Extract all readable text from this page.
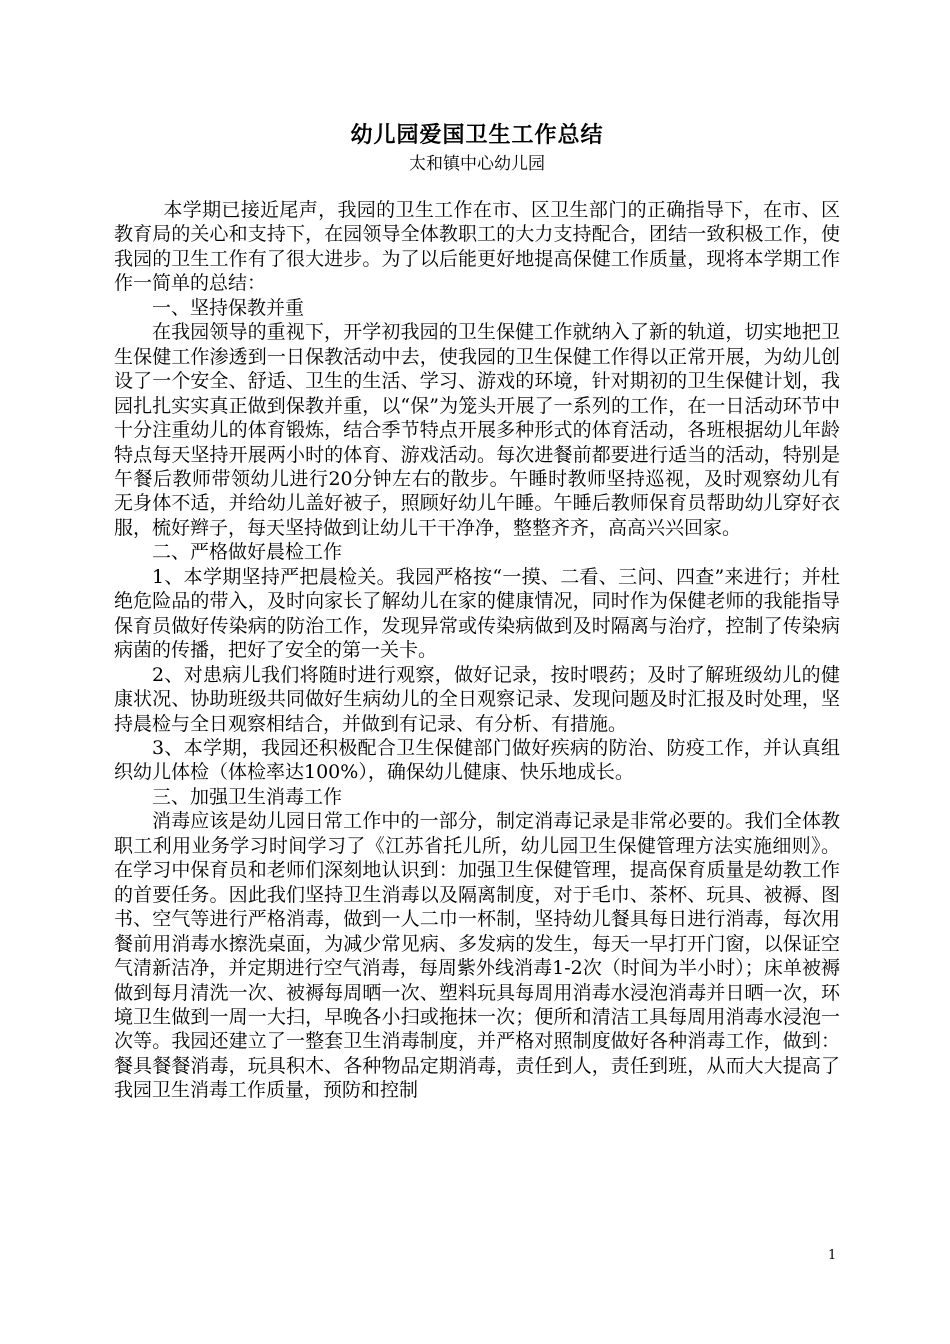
幼儿园爱国卫生工作总结
太和镇中心幼儿园

本学期已接近尾声，我园的卫生工作在市、区卫生部门的正确指导下，在市、区教育局的关心和支持下，在园领导全体教职工的大力支持配合，团结一致积极工作，使我园的卫生工作有了很大进步。为了以后能更好地提高保健工作质量，现将本学期工作作一简单的总结：

一、坚持保教并重

在我园领导的重视下，开学初我园的卫生保健工作就纳入了新的轨道，切实地把卫生保健工作渗透到一日保教活动中去，使我园的卫生保健工作得以正常开展，为幼儿创设了一个安全、舒适、卫生的生活、学习、游戏的环境，针对期初的卫生保健计划，我园扎扎实实真正做到保教并重，以“保”为笼头开展了一系列的工作，在一日活动环节中十分注重幼儿的体育锻炼，结合季节特点开展多种形式的体育活动，各班根据幼儿年龄特点每天坚持开展两小时的体育、游戏活动。每次进餐前都要进行适当的活动，特别是午餐后教师带领幼儿进行20分钟左右的散步。午睡时教师坚持巡视，及时观察幼儿有无身体不适，并给幼儿盖好被子，照顾好幼儿午睡。午睡后教师保育员帮助幼儿穿好衣服，梳好辫子，每天坚持做到让幼儿干干净净，整整齐齐，高高兴兴回家。

二、严格做好晨检工作

1、本学期坚持严把晨检关。我园严格按“一摸、二看、三问、四查”来进行；并杜绝危险品的带入，及时向家长了解幼儿在家的健康情况，同时作为保健老师的我能指导保育员做好传染病的防治工作，发现异常或传染病做到及时隔离与治疗，控制了传染病病菌的传播，把好了安全的第一关卡。

2、对患病儿我们将随时进行观察，做好记录，按时喂药；及时了解班级幼儿的健康状况、协助班级共同做好生病幼儿的全日观察记录、发现问题及时汇报及时处理，坚持晨检与全日观察相结合，并做到有记录、有分析、有措施。

3、本学期，我园还积极配合卫生保健部门做好疾病的防治、防疫工作，并认真组织幼儿体检（体检率达100%），确保幼儿健康、快乐地成长。

三、加强卫生消毒工作

消毒应该是幼儿园日常工作中的一部分，制定消毒记录是非常必要的。我们全体教职工利用业务学习时间学习了《江苏省托儿所，幼儿园卫生保健管理方法实施细则》。在学习中保育员和老师们深刻地认识到：加强卫生保健管理，提高保育质量是幼教工作的首要任务。因此我们坚持卫生消毒以及隔离制度，对于毛巾、茶杯、玩具、被褥、图书、空气等进行严格消毒，做到一人二巾一杯制，坚持幼儿餐具每日进行消毒，每次用餐前用消毒水擦洗桌面，为减少常见病、多发病的发生，每天一早打开门窗，以保证空气清新洁净，并定期进行空气消毒，每周紫外线消毒1-2次（时间为半小时）；床单被褥做到每月清洗一次、被褥每周晒一次、塑料玩具每周用消毒水浸泡消毒并日晒一次，环境卫生做到一周一大扫，早晚各小扫或拖抹一次；便所和清洁工具每周用消毒水浸泡一次等。我园还建立了一整套卫生消毒制度，并严格对照制度做好各种消毒工作，做到：餐具餐餐消毒，玩具积木、各种物品定期消毒，责任到人，责任到班，从而大大提高了我园卫生消毒工作质量，预防和控制

1
